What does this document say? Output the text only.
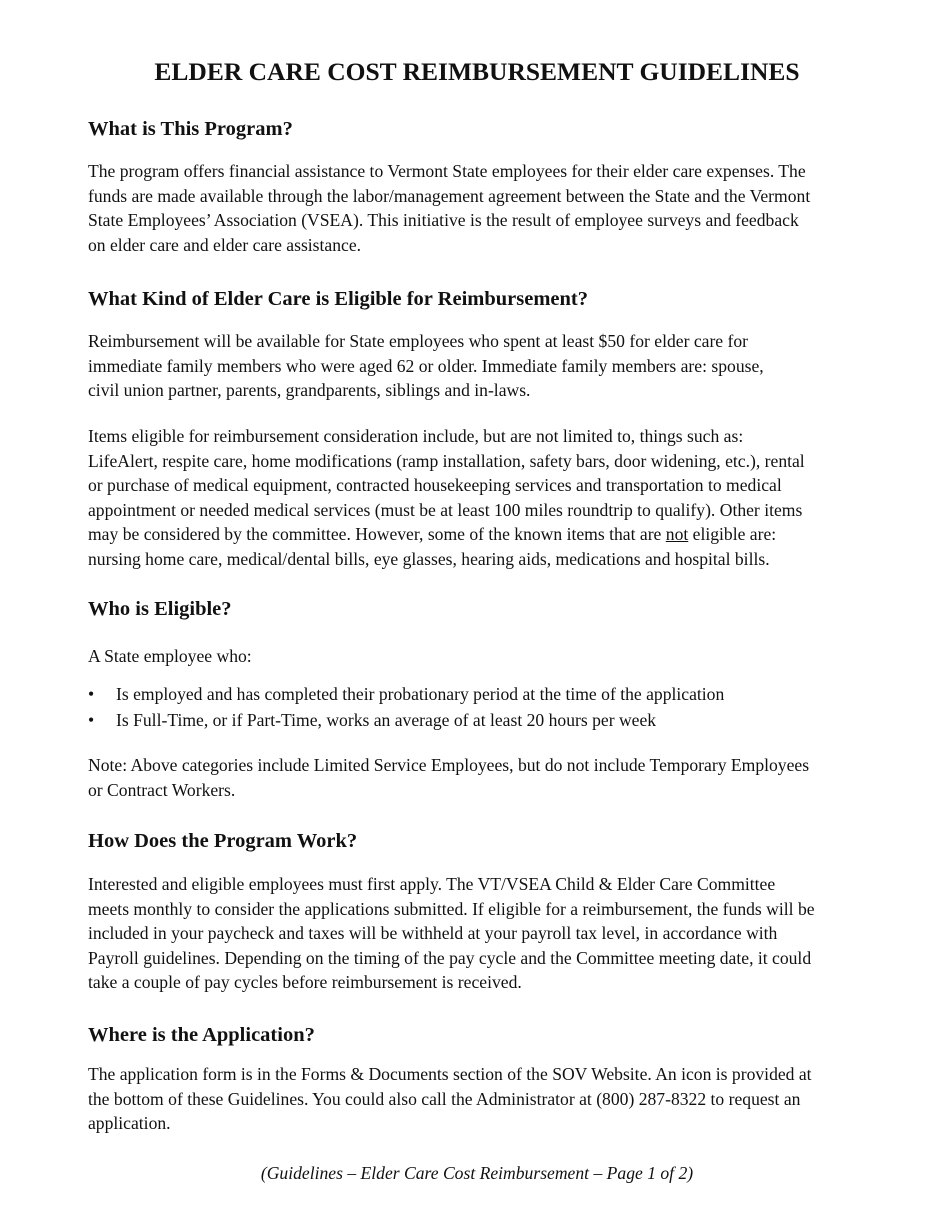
ELDER CARE COST REIMBURSEMENT GUIDELINES
What is This Program?

The program offers financial assistance to Vermont State employees for their elder care expenses. The
funds are made available through the labor/management agreement between the State and the Vermont
State Employees’ Association (VSEA). This initiative is the result of employee surveys and feedback
on elder care and elder care assistance.

What Kind of Elder Care is Eligible for Reimbursement?

Reimbursement will be available for State employees who spent at least $50 for elder care for
immediate family members who were aged 62 or older. Immediate family members are: spouse,
civil union partner, parents, grandparents, siblings and in-laws.

Items eligible for reimbursement consideration include, but are not limited to, things such as:
LifeAlert, respite care, home modifications (ramp installation, safety bars, door widening, etc.), rental
or purchase of medical equipment, contracted housekeeping services and transportation to medical
appointment or needed medical services (must be at least 100 miles roundtrip to qualify). Other items
may be considered by the committee. However, some of the known items that are not eligible are:
nursing home care, medical/dental bills, eye glasses, hearing aids, medications and hospital bills.

Who is Eligible?

A State employee who:

• Is employed and has completed their probationary period at the time of the application
• Is Full-Time, or if Part-Time, works an average of at least 20 hours per week

Note: Above categories include Limited Service Employees, but do not include Temporary Employees
or Contract Workers.

How Does the Program Work?

Interested and eligible employees must first apply. The VT/VSEA Child & Elder Care Committee
meets monthly to consider the applications submitted. If eligible for a reimbursement, the funds will be
included in your paycheck and taxes will be withheld at your payroll tax level, in accordance with
Payroll guidelines. Depending on the timing of the pay cycle and the Committee meeting date, it could
take a couple of pay cycles before reimbursement is received.

Where is the Application?

The application form is in the Forms & Documents section of the SOV Website. An icon is provided at
the bottom of these Guidelines. You could also call the Administrator at (800) 287-8322 to request an
application.

(Guidelines – Elder Care Cost Reimbursement – Page 1 of 2)
